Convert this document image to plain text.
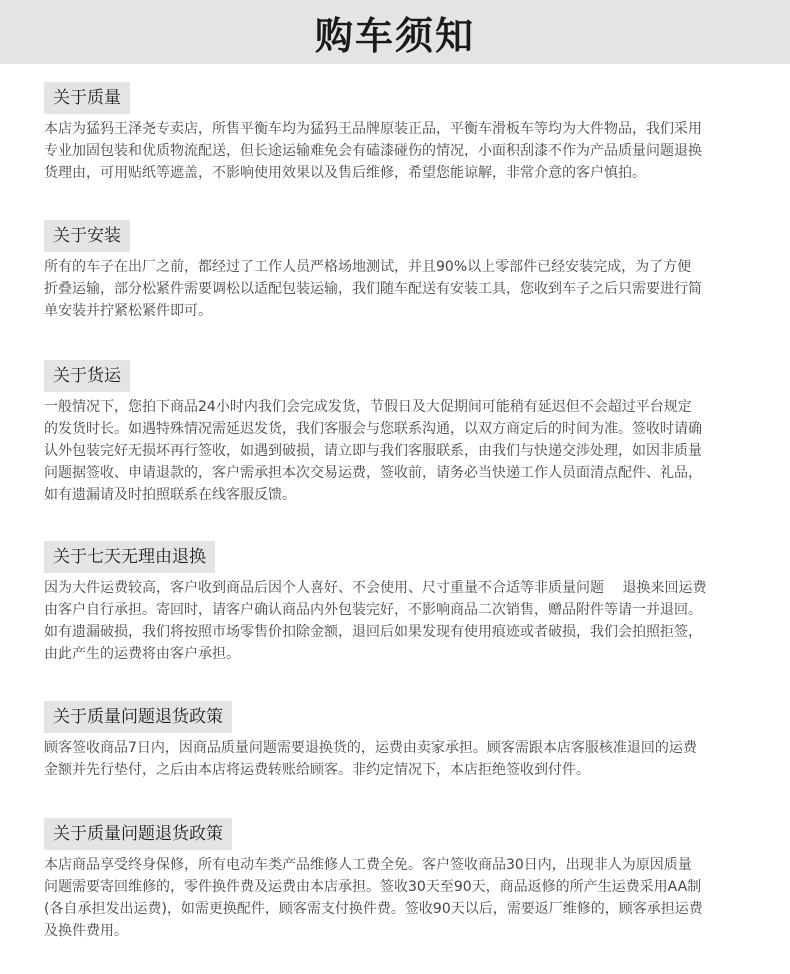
购车须知
关于质量
本店为猛犸王泽尧专卖店，所售平衡车均为猛犸王品牌原装正品，平衡车滑板车等均为大件物品，我们采用
专业加固包装和优质物流配送，但长途运输难免会有磕漆碰伤的情况，小面积刮漆不作为产品质量问题退换
货理由，可用贴纸等遮盖，不影响使用效果以及售后维修，希望您能谅解，非常介意的客户慎拍。
关于安装
所有的车子在出厂之前，都经过了工作人员严格场地测试，并且90%以上零部件已经安装完成，为了方便
折叠运输，部分松紧件需要调松以适配包装运输，我们随车配送有安装工具，您收到车子之后只需要进行简
单安装并拧紧松紧件即可。
关于货运
一般情况下，您拍下商品24小时内我们会完成发货，节假日及大促期间可能稍有延迟但不会超过平台规定
的发货时长。如遇特殊情况需延迟发货，我们客服会与您联系沟通，以双方商定后的时间为准。签收时请确
认外包装完好无损坏再行签收，如遇到破损，请立即与我们客服联系，由我们与快递交涉处理，如因非质量
问题据签收、申请退款的，客户需承担本次交易运费，签收前，请务必当快递工作人员面清点配件、礼品，
如有遗漏请及时拍照联系在线客服反馈。
关于七天无理由退换
因为大件运费较高，客户收到商品后因个人喜好、不会使用、尺寸重量不合适等非质量问题　 退换来回运费
由客户自行承担。寄回时，请客户确认商品内外包装完好，不影响商品二次销售，赠品附件等请一并退回。
如有遗漏破损，我们将按照市场零售价扣除金额，退回后如果发现有使用痕迹或者破损，我们会拍照拒签，
由此产生的运费将由客户承担。
关于质量问题退货政策
顾客签收商品7日内，因商品质量问题需要退换货的，运费由卖家承担。顾客需跟本店客服核准退回的运费
金额并先行垫付，之后由本店将运费转账给顾客。非约定情况下，本店拒绝签收到付件。
关于质量问题退货政策
本店商品享受终身保修，所有电动车类产品维修人工费全免。客户签收商品30日内，出现非人为原因质量
问题需要寄回维修的，零件换件费及运费由本店承担。签收30天至90天，商品返修的所产生运费采用AA制
(各自承担发出运费)，如需更换配件，顾客需支付换件费。签收90天以后，需要返厂维修的，顾客承担运费
及换件费用。
